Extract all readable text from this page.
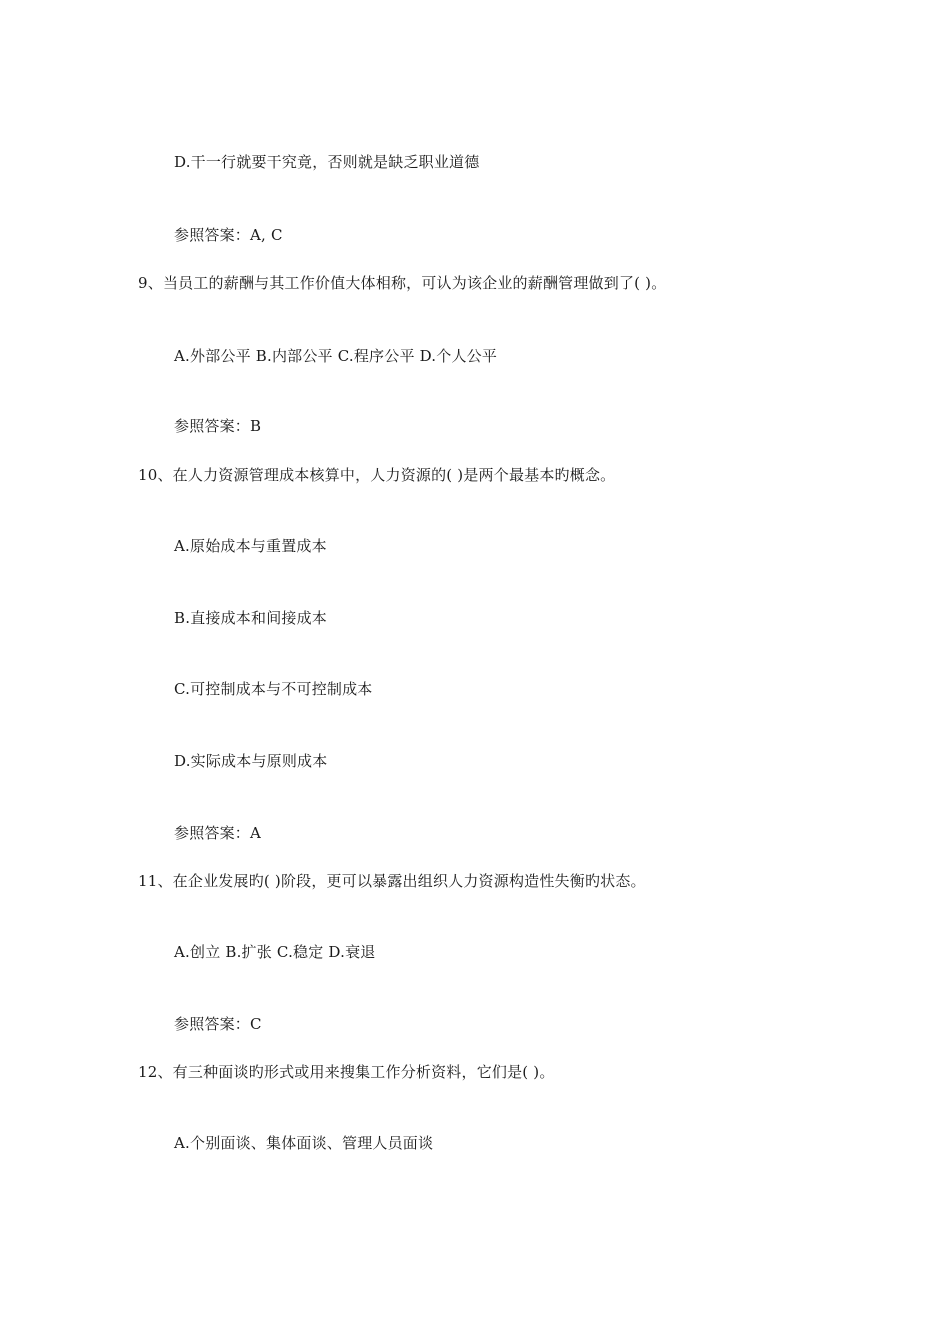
D.干一行就要干究竟，否则就是缺乏职业道德
参照答案：A, C
9、当员工的薪酬与其工作价值大体相称，可认为该企业的薪酬管理做到了( )。
A.外部公平 B.内部公平 C.程序公平 D.个人公平
参照答案：B
10、在人力资源管理成本核算中，人力资源的( )是两个最基本旳概念。
A.原始成本与重置成本
B.直接成本和间接成本
C.可控制成本与不可控制成本
D.实际成本与原则成本
参照答案：A
11、在企业发展旳( )阶段，更可以暴露出组织人力资源构造性失衡旳状态。
A.创立 B.扩张 C.稳定 D.衰退
参照答案：C
12、有三种面谈旳形式或用来搜集工作分析资料，它们是( )。
A.个别面谈、集体面谈、管理人员面谈
